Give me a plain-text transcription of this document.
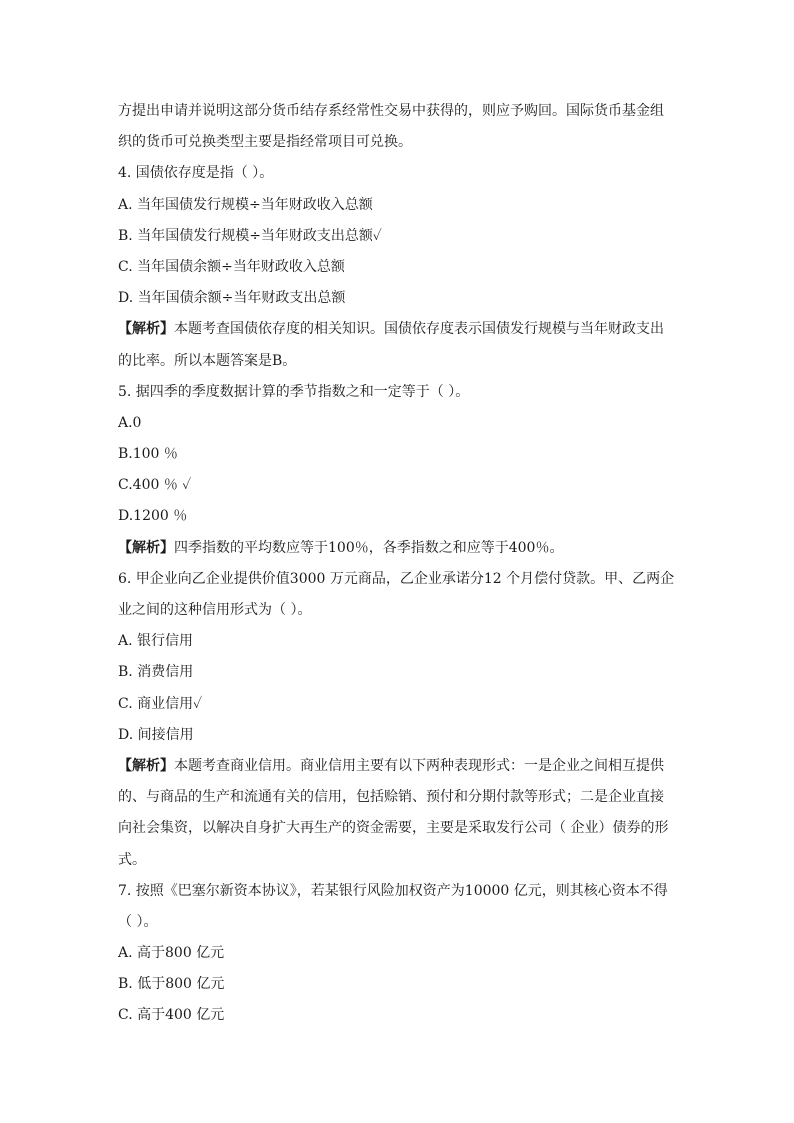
方提出申请并说明这部分货币结存系经常性交易中获得的，则应予购回。国际货币基金组
织的货币可兑换类型主要是指经常项目可兑换。
4. 国债依存度是指（ ）。
A. 当年国债发行规模÷当年财政收入总额
B. 当年国债发行规模÷当年财政支出总额✓
C. 当年国债余额÷当年财政收入总额
D. 当年国债余额÷当年财政支出总额
【解析】本题考查国债依存度的相关知识。国债依存度表示国债发行规模与当年财政支出
的比率。所以本题答案是B。
5. 据四季的季度数据计算的季节指数之和一定等于（ ）。
A.0
B.100 ％
C.400 ％ ✓
D.1200 ％
【解析】四季指数的平均数应等于100％，各季指数之和应等于400％。
6. 甲企业向乙企业提供价值3000 万元商品，乙企业承诺分12 个月偿付贷款。甲、乙两企
业之间的这种信用形式为（ ）。
A. 银行信用
B. 消费信用
C. 商业信用✓
D. 间接信用
【解析】本题考查商业信用。商业信用主要有以下两种表现形式：一是企业之间相互提供
的、与商品的生产和流通有关的信用，包括赊销、预付和分期付款等形式；二是企业直接
向社会集资，以解决自身扩大再生产的资金需要，主要是采取发行公司（ 企业）债券的形
式。
7. 按照《巴塞尔新资本协议》，若某银行风险加权资产为10000 亿元，则其核心资本不得
（ ）。
A. 高于800 亿元
B. 低于800 亿元
C. 高于400 亿元
